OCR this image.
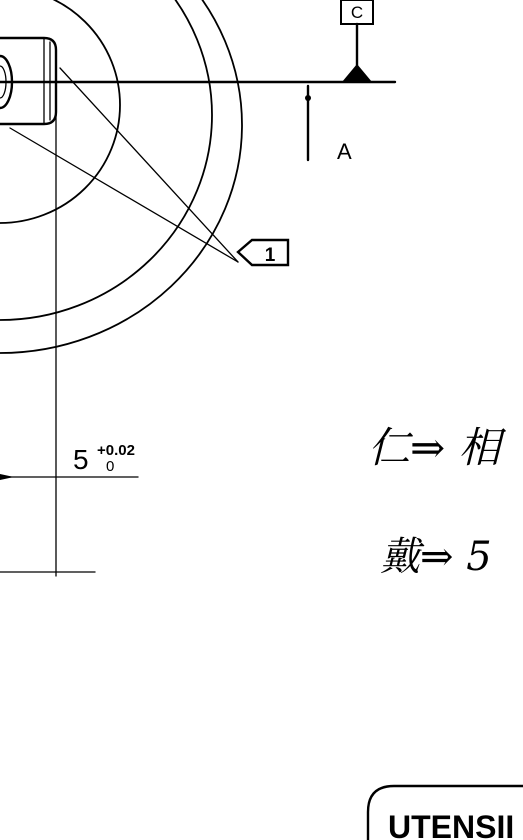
C
A
1
5 +0.02
0	仁⇒ 相
戴⇒ 5
UTENSII
